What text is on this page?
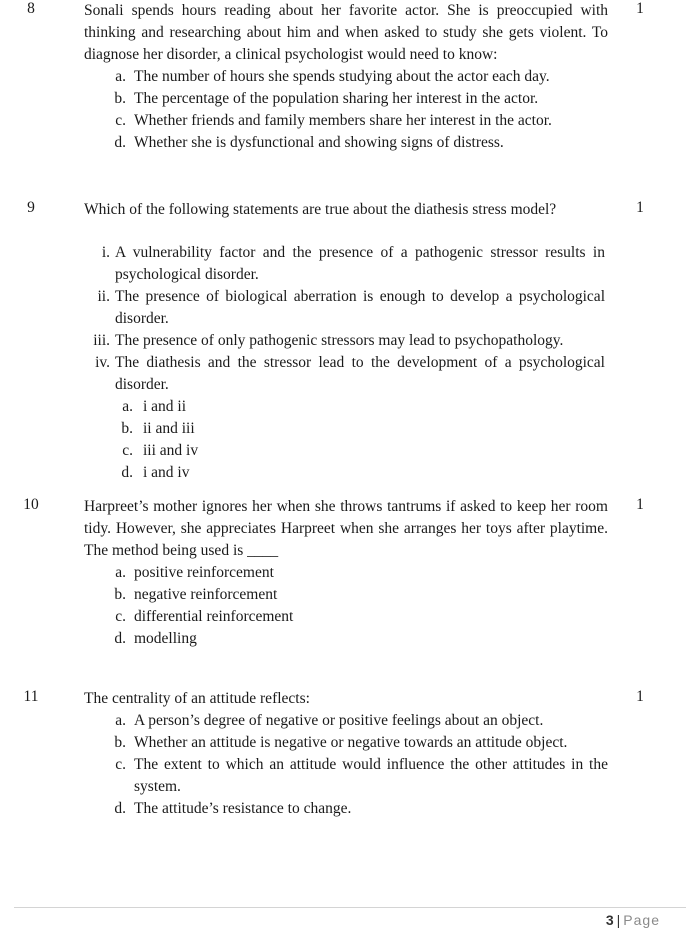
8	1

Sonali spends hours reading about her favorite actor. She is preoccupied with thinking and researching about him and when asked to study she gets violent. To diagnose her disorder, a clinical psychologist would need to know:

a. The number of hours she spends studying about the actor each day.
b. The percentage of the population sharing her interest in the actor.
c. Whether friends and family members share her interest in the actor.
d. Whether she is dysfunctional and showing signs of distress.
9	1

Which of the following statements are true about the diathesis stress model?

i. A vulnerability factor and the presence of a pathogenic stressor results in psychological disorder.
ii. The presence of biological aberration is enough to develop a psychological disorder.
iii. The presence of only pathogenic stressors may lead to psychopathology.
iv. The diathesis and the stressor lead to the development of a psychological disorder.
a. i and ii
b. ii and iii
c. iii and iv
d. i and iv
10	1

Harpreet’s mother ignores her when she throws tantrums if asked to keep her room tidy. However, she appreciates Harpreet when she arranges her toys after playtime. The method being used is ____

a. positive reinforcement
b. negative reinforcement
c. differential reinforcement
d. modelling
11	1

The centrality of an attitude reflects:

a. A person’s degree of negative or positive feelings about an object.
b. Whether an attitude is negative or negative towards an attitude object.
c. The extent to which an attitude would influence the other attitudes in the system.
d. The attitude’s resistance to change.
3 | Page
